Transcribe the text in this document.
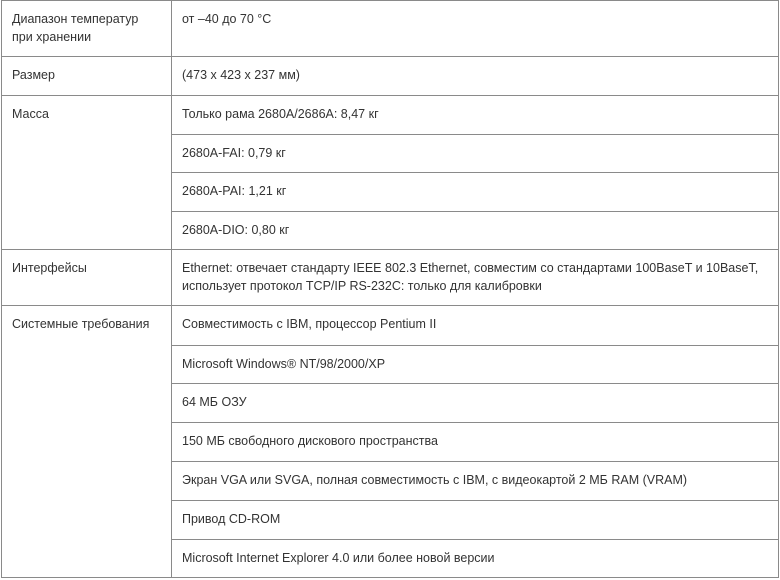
Диапазон температур при хранении	от –40 до 70 °C
Размер	(473 x 423 x 237 мм)
Масса	Только рама 2680A/2686A: 8,47 кг
	2680A-FAI: 0,79 кг
	2680A-PAI: 1,21 кг
	2680A-DIO: 0,80 кг
Интерфейсы	Ethernet: отвечает стандарту IEEE 802.3 Ethernet, совместим со стандартами 100BaseT и 10BaseT, использует протокол TCP/IP RS-232C: только для калибровки
Системные требования	Совместимость с IBM, процессор Pentium II
	Microsoft Windows® NT/98/2000/XP
	64 МБ ОЗУ
	150 МБ свободного дискового пространства
	Экран VGA или SVGA, полная совместимость с IBM, с видеокартой 2 МБ RAM (VRAM)
	Привод CD-ROM
	Microsoft Internet Explorer 4.0 или более новой версии
